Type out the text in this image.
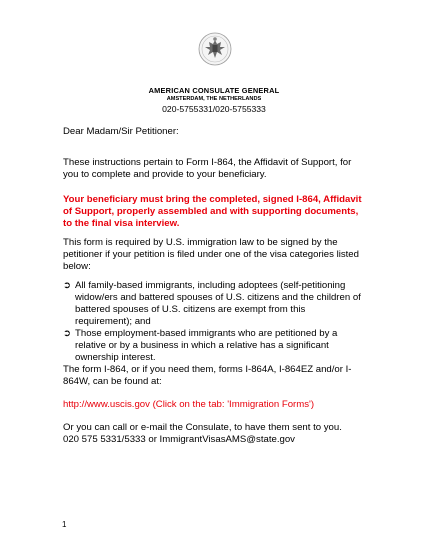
AMERICAN CONSULATE GENERAL
AMSTERDAM, THE NETHERLANDS
020-5755331/020-5755333

Dear Madam/Sir Petitioner:

These instructions pertain to Form I-864, the Affidavit of Support, for you to complete and provide to your beneficiary.

Your beneficiary must bring the completed, signed I-864, Affidavit of Support, properly assembled and with supporting documents, to the final visa interview.

This form is required by U.S. immigration law to be signed by the petitioner if your petition is filed under one of the visa categories listed below:

➲ All family-based immigrants, including adoptees (self-petitioning widow/ers and battered spouses of U.S. citizens and the children of battered spouses of U.S. citizens are exempt from this requirement); and
➲ Those employment-based immigrants who are petitioned by a relative or by a business in which a relative has a significant ownership interest.

The form I-864, or if you need them, forms I-864A, I-864EZ and/or I-864W, can be found at:

http://www.uscis.gov (Click on the tab: 'Immigration Forms')

Or you can call or e-mail the Consulate, to have them sent to you.

020 575 5331/5333 or ImmigrantVisasAMS@state.gov

1
